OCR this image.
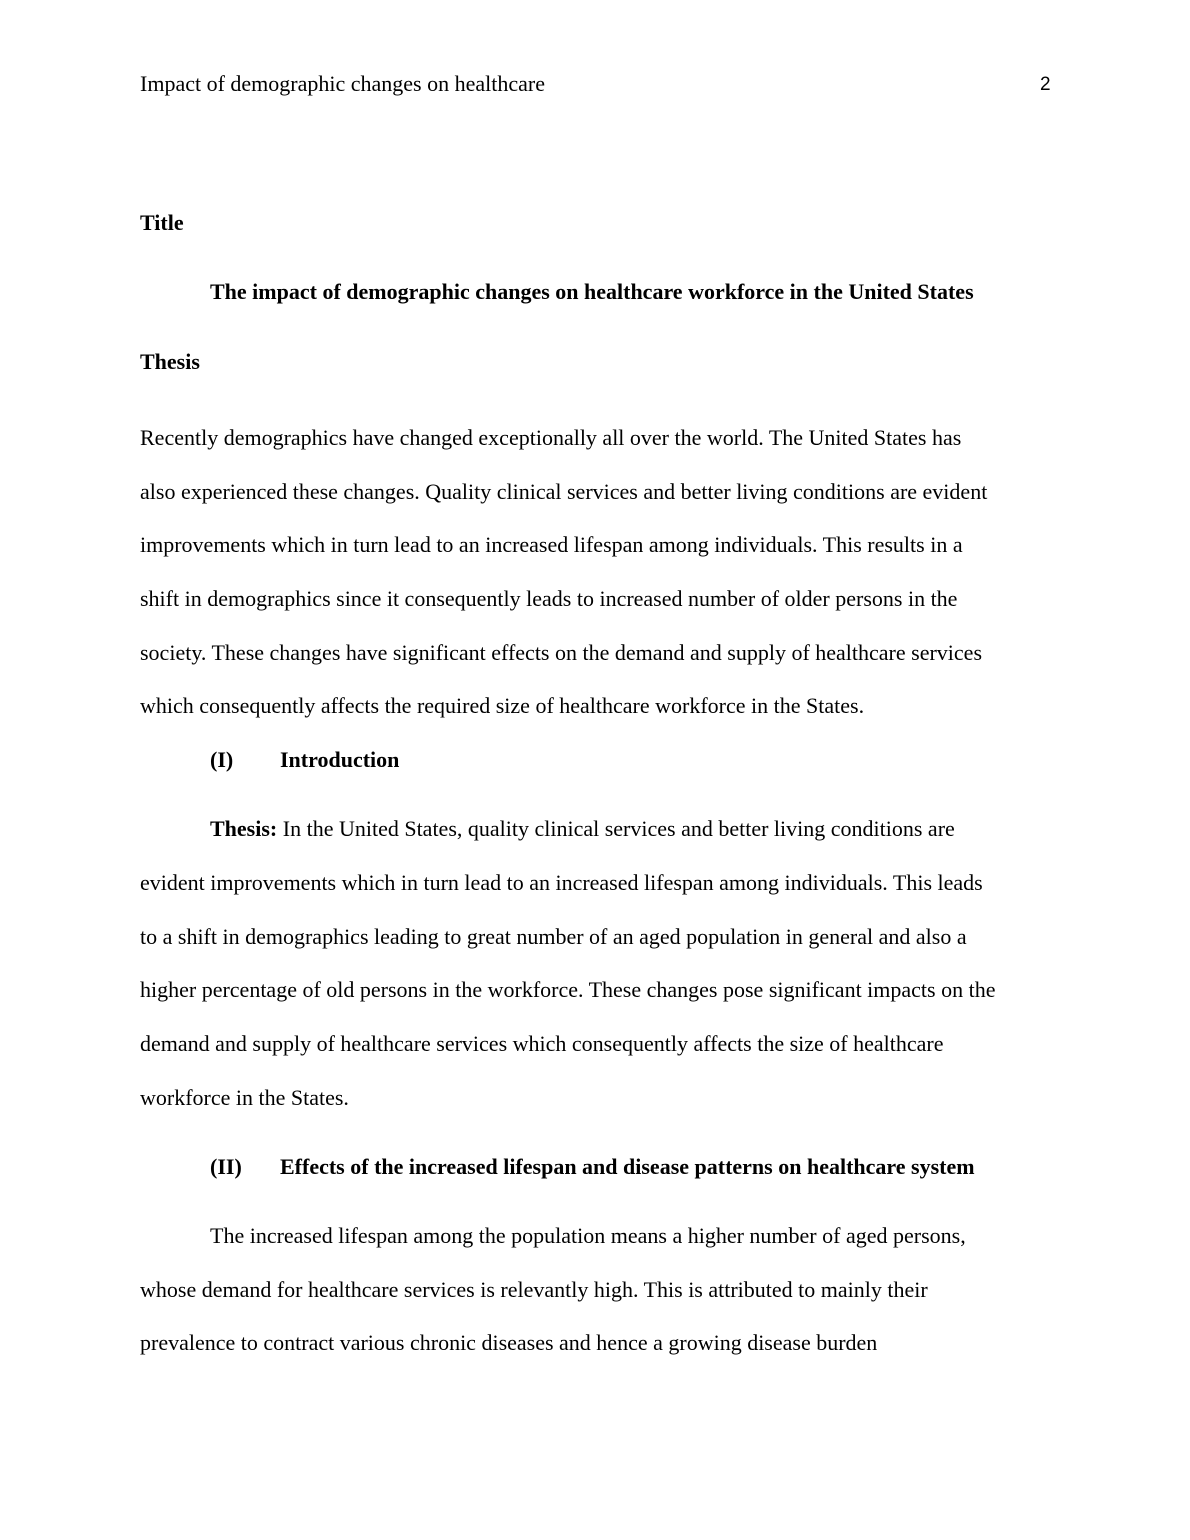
Impact of demographic changes on healthcare	2
Title
The impact of demographic changes on healthcare workforce in the United States
Thesis
Recently demographics have changed exceptionally all over the world. The United States has
also experienced these changes. Quality clinical services and better living conditions are evident
improvements which in turn lead to an increased lifespan among individuals. This results in a
shift in demographics since it consequently leads to increased number of older persons in the
society. These changes have significant effects on the demand and supply of healthcare services
which consequently affects the required size of healthcare workforce in the States.
(I) Introduction
Thesis: In the United States, quality clinical services and better living conditions are
evident improvements which in turn lead to an increased lifespan among individuals. This leads
to a shift in demographics leading to great number of an aged population in general and also a
higher percentage of old persons in the workforce. These changes pose significant impacts on the
demand and supply of healthcare services which consequently affects the size of healthcare
workforce in the States.
(II) Effects of the increased lifespan and disease patterns on healthcare system
The increased lifespan among the population means a higher number of aged persons,
whose demand for healthcare services is relevantly high. This is attributed to mainly their
prevalence to contract various chronic diseases and hence a growing disease burden
